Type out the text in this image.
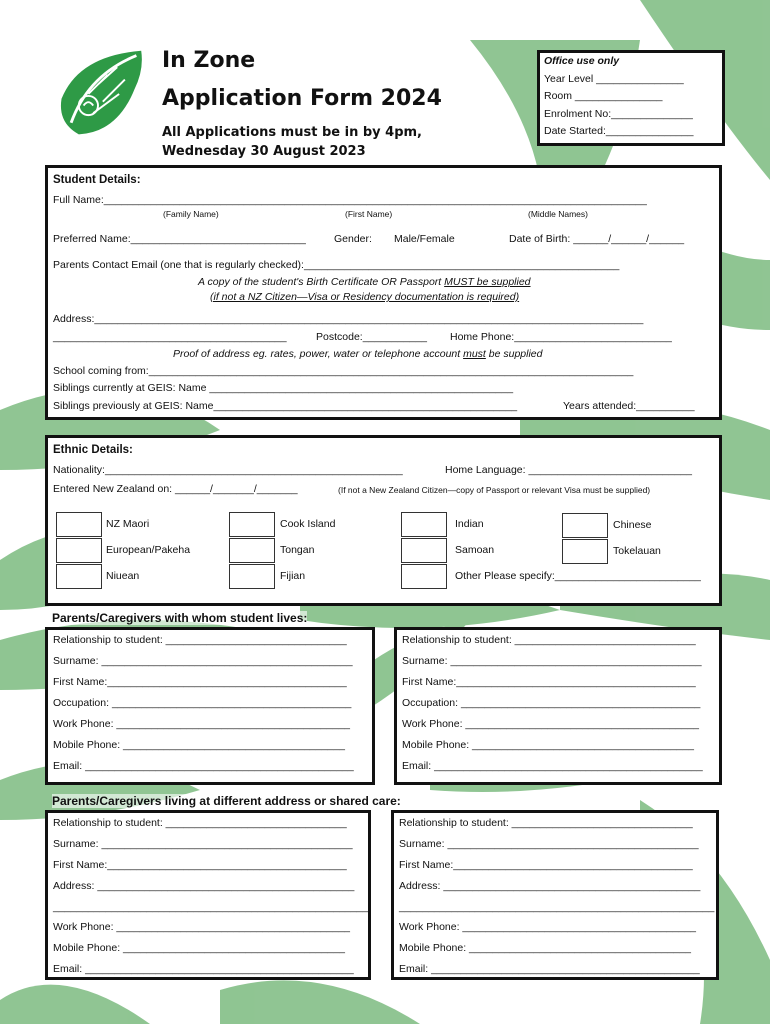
In Zone
Application Form 2024
All Applications must be in by 4pm,
Wednesday 30 August 2023
Office use only
Year Level _______________
Room _______________
Enrolment No:______________
Date Started:_______________
Student Details:
Full Name:_____________________________________________________________________________________________
(Family Name)	(First Name)	(Middle Names)
Preferred Name:______________________________	Gender: Male/Female	Date of Birth: ______/______/______
Parents Contact Email (one that is regularly checked):______________________________________________________
A copy of the student's Birth Certificate OR Passport MUST be supplied
(if not a NZ Citizen—Visa or Residency documentation is required)
Address:______________________________________________________________________________________________
________________________________________	Postcode:___________ Home Phone:___________________________
Proof of address eg. rates, power, water or telephone account must be supplied
School coming from:___________________________________________________________________________________
Siblings currently at GEIS: Name ____________________________________________________
Siblings previously at GEIS: Name____________________________________________________	Years attended:__________
Ethnic Details:
Nationality:___________________________________________________	Home Language: ____________________________
Entered New Zealand on: ______/_______/_______	(If not a New Zealand Citizen—copy of Passport or relevant Visa must be supplied)
NZ Maori
European/Pakeha
Niuean
Cook Island
Tongan
Fijian
Indian
Samoan
Other Please specify:_________________________
Chinese
Tokelauan
Parents/Caregivers with whom student lives:
Relationship to student: _______________________________
Surname: ___________________________________________
First Name:_________________________________________
Occupation: _________________________________________
Work Phone: ________________________________________
Mobile Phone: ______________________________________
Email: ______________________________________________
Relationship to student: _______________________________
Surname: ___________________________________________
First Name:_________________________________________
Occupation: _________________________________________
Work Phone: ________________________________________
Mobile Phone: ______________________________________
Email: ______________________________________________
Parents/Caregivers living at different address or shared care:
Relationship to student: _______________________________
Surname: ___________________________________________
First Name:_________________________________________
Address: ____________________________________________
______________________________________________________
Work Phone: ________________________________________
Mobile Phone: ______________________________________
Email: ______________________________________________
Relationship to student: _______________________________
Surname: ___________________________________________
First Name:_________________________________________
Address: ____________________________________________
______________________________________________________
Work Phone: ________________________________________
Mobile Phone: ______________________________________
Email: ______________________________________________
